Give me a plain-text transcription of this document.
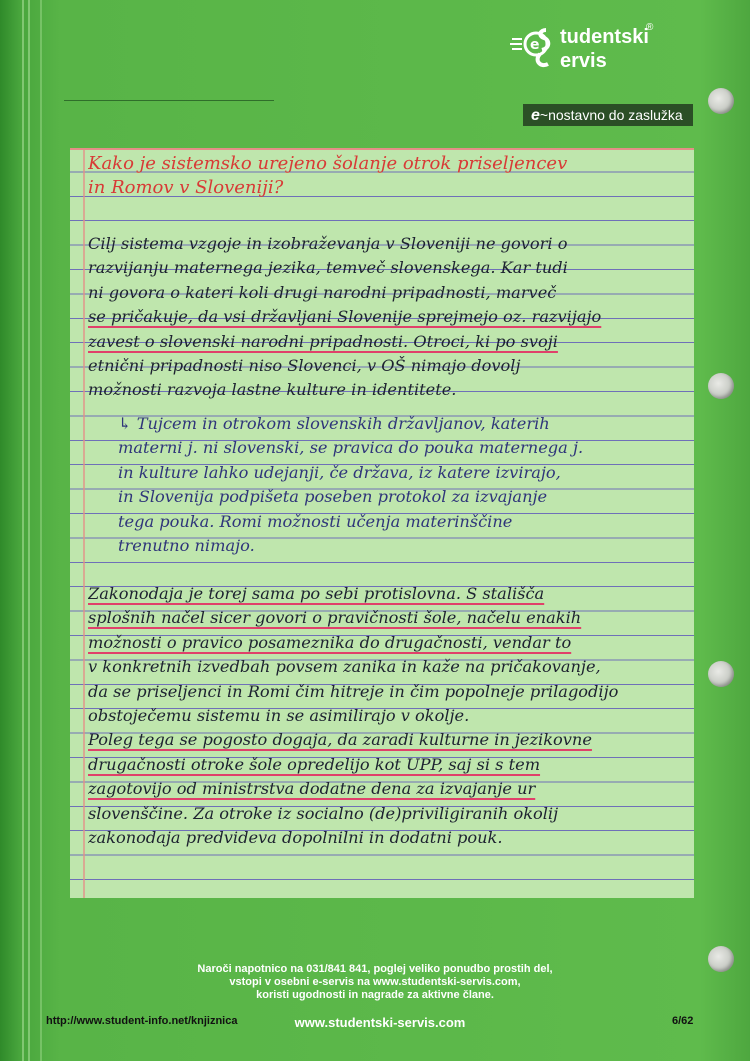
e tudentski
ervis
®
e~nostavno do zaslužka
Kako je sistemsko urejeno šolanje otrok priseljencev
in Romov v Sloveniji?
Cilj sistema vzgoje in izobraževanja v Sloveniji ne govori o
razvijanju maternega jezika, temveč slovenskega. Kar tudi
ni govora o kateri koli drugi narodni pripadnosti, marveč
se pričakuje, da vsi državljani Slovenije sprejmejo oz. razvijajo
zavest o slovenski narodni pripadnosti. Otroci, ki po svoji
etnični pripadnosti niso Slovenci, v OŠ nimajo dovolj
možnosti razvoja lastne kulture in identitete.
↳ Tujcem in otrokom slovenskih državljanov, katerih
materni j. ni slovenski, se pravica do pouka maternega j.
in kulture lahko udejanji, če država, iz katere izvirajo,
in Slovenija podpišeta poseben protokol za izvajanje
tega pouka. Romi možnosti učenja materinščine
trenutno nimajo.
Zakonodaja je torej sama po sebi protislovna. S stališča
splošnih načel sicer govori o pravičnosti šole, načelu enakih
možnosti o pravico posameznika do drugačnosti, vendar to
v konkretnih izvedbah povsem zanika in kaže na pričakovanje,
da se priseljenci in Romi čim hitreje in čim popolneje prilagodijo
obstoječemu sistemu in se asimilirajo v okolje.
Poleg tega se pogosto dogaja, da zaradi kulturne in jezikovne
drugačnosti otroke šole opredelijo kot UPP, saj si s tem
zagotovijo od ministrstva dodatne dena za izvajanje ur
slovenščine. Za otroke iz socialno (de)priviligiranih okolij
zakonodaja predvideva dopolnilni in dodatni pouk.
Naroči napotnico na 031/841 841, poglej veliko ponudbo prostih del,
vstopi v osebni e-servis na www.studentski-servis.com,
koristi ugodnosti in nagrade za aktivne člane.
www.studentski-servis.com
http://www.student-info.net/knjiznica	6/62
